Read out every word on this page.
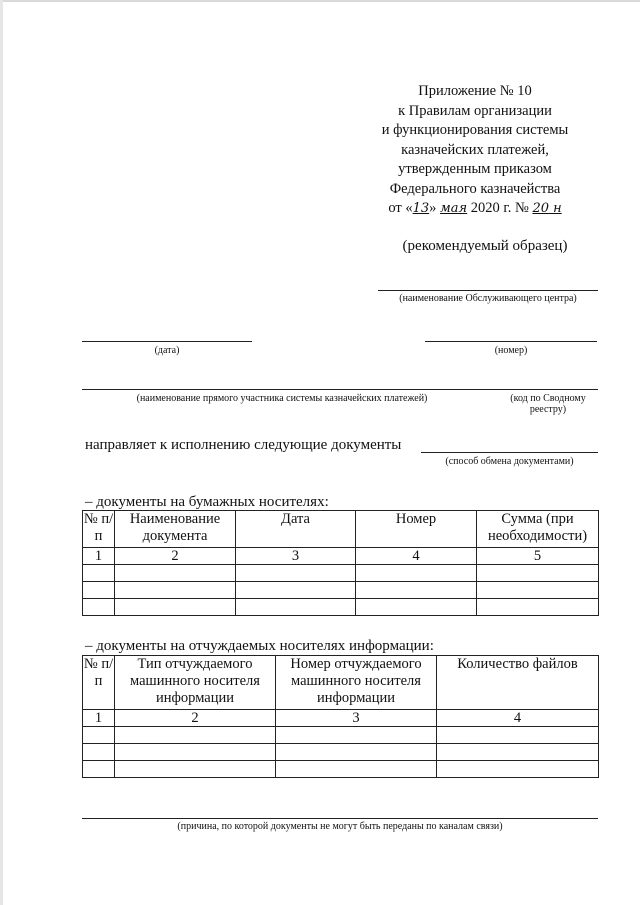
Приложение № 10
к Правилам организации
и функционирования системы
казначейских платежей,
утвержденным приказом
Федерального казначейства
от «13» мая 2020 г. № 20 н
(рекомендуемый образец)
(наименование Обслуживающего центра)
(дата)	(номер)
(наименование прямого участника системы казначейских платежей)	(код по Сводному
реестру)
направляет к исполнению следующие документы
(способ обмена документами)
– документы на бумажных носителях:
№ п/п	Наименование документа	Дата	Номер	Сумма (при необходимости)
1	2	3	4	5

– документы на отчуждаемых носителях информации:
№ п/п	Тип отчуждаемого машинного носителя информации	Номер отчуждаемого машинного носителя информации	Количество файлов
1	2	3	4

(причина, по которой документы не могут быть переданы по каналам связи)
